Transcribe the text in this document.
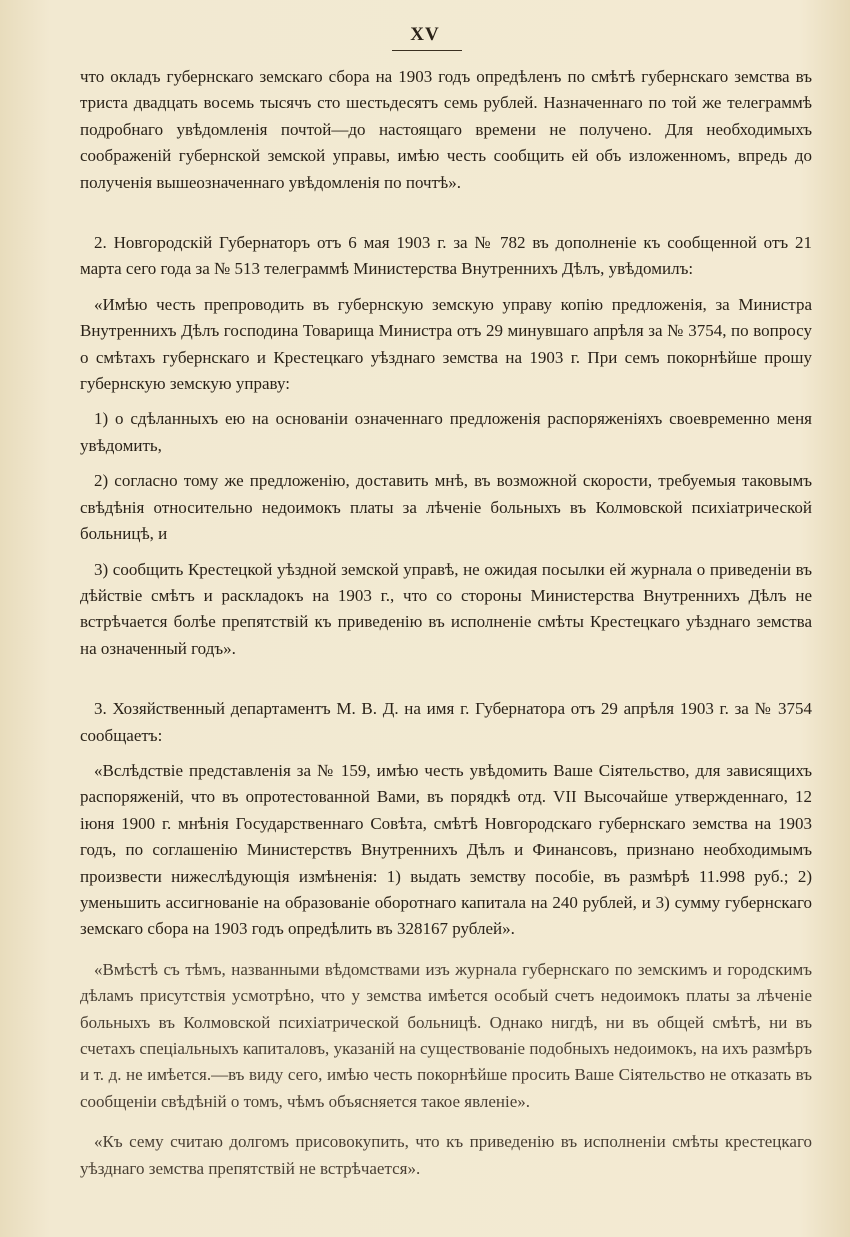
XV

что окладъ губернскаго земскаго сбора на 1903 годъ опредѣленъ по смѣтѣ губернскаго земства въ триста двадцать восемь тысячъ сто шестьдесятъ семь рублей. Назначеннаго по той же телеграммѣ подробнаго увѣдомленія почтой—до настоящаго времени не получено. Для необходимыхъ соображеній губернской земской управы, имѣю честь сообщить ей объ изложенномъ, впредь до полученія вышеозначеннаго увѣдомленія по почтѣ».

2. Новгородскій Губернаторъ отъ 6 мая 1903 г. за № 782 въ дополненіе къ сообщенной отъ 21 марта сего года за № 513 телеграммѣ Министерства Внутреннихъ Дѣлъ, увѣдомилъ:

«Имѣю честь препроводить въ губернскую земскую управу копію предложенія, за Министра Внутреннихъ Дѣлъ господина Товарища Министра отъ 29 минувшаго апрѣля за № 3754, по вопросу о смѣтахъ губернскаго и Крестецкаго уѣзднаго земства на 1903 г. При семъ покорнѣйше прошу губернскую земскую управу:

1) о сдѣланныхъ ею на основаніи означеннаго предложенія распоряженіяхъ своевременно меня увѣдомить,

2) согласно тому же предложенію, доставить мнѣ, въ возможной скорости, требуемыя таковымъ свѣдѣнія относительно недоимокъ платы за лѣченіе больныхъ въ Колмовской психіатрической больницѣ, и

3) сообщить Крестецкой уѣздной земской управѣ, не ожидая посылки ей журнала о приведеніи въ дѣйствіе смѣтъ и раскладокъ на 1903 г., что со стороны Министерства Внутреннихъ Дѣлъ не встрѣчается болѣе препятствій къ приведенію въ исполненіе смѣты Крестецкаго уѣзднаго земства на означенный годъ».

3. Хозяйственный департаментъ М. В. Д. на имя г. Губернатора отъ 29 апрѣля 1903 г. за № 3754 сообщаетъ:

«Вслѣдствіе представленія за № 159, имѣю честь увѣдомить Ваше Сіятельство, для зависящихъ распоряженій, что въ опротестованной Вами, въ порядкѣ отд. VII Высочайше утвержденнаго, 12 іюня 1900 г. мнѣнія Государственнаго Совѣта, смѣтѣ Новгородскаго губернскаго земства на 1903 годъ, по соглашенію Министерствъ Внутреннихъ Дѣлъ и Финансовъ, признано необходимымъ произвести нижеслѣдующія измѣненія: 1) выдать земству пособіе, въ размѣрѣ 11.998 руб.; 2) уменьшить ассигнованіе на образованіе оборотнаго капитала на 240 рублей, и 3) сумму губернскаго земскаго сбора на 1903 годъ опредѣлить въ 328167 рублей».

«Вмѣстѣ съ тѣмъ, названными вѣдомствами изъ журнала губернскаго по земскимъ и городскимъ дѣламъ присутствія усмотрѣно, что у земства имѣется особый счетъ недоимокъ платы за лѣченіе больныхъ въ Колмовской психіатрической больницѣ. Однако нигдѣ, ни въ общей смѣтѣ, ни въ счетахъ спеціальныхъ капиталовъ, указаній на существованіе подобныхъ недоимокъ, на ихъ размѣръ и т. д. не имѣется.—въ виду сего, имѣю честь покорнѣйше просить Ваше Сіятельство не отказать въ сообщеніи свѣдѣній о томъ, чѣмъ объясняется такое явленіе».

«Къ сему считаю долгомъ присовокупить, что къ приведенію въ исполненіи смѣты крестецкаго уѣзднаго земства препятствій не встрѣчается».
